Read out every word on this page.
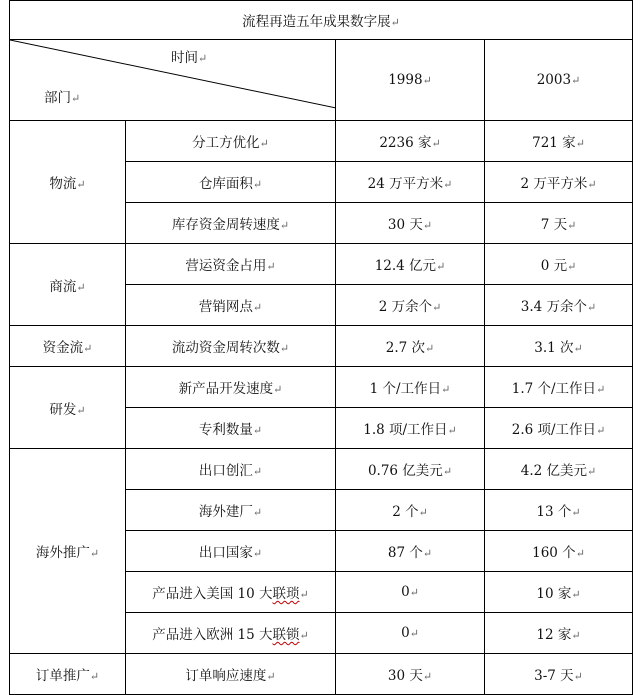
流程再造五年成果数字展↵			

时间↵
部门↵		1998↵	2003↵
物流↵	分工方优化↵	2236 家↵	721 家↵
	仓库面积↵	24 万平方米↵	2 万平方米↵
	库存资金周转速度↵	30 天↵	7 天↵
商流↵	营运资金占用↵	12.4 亿元↵	0 元↵
	营销网点↵	2 万余个↵	3.4 万余个↵
资金流↵	流动资金周转次数↵	2.7 次↵	3.1 次↵
研发↵	新产品开发速度↵	1 个/工作日↵	1.7 个/工作日↵
	专利数量↵	1.8 项/工作日↵	2.6 项/工作日↵
海外推广↵	出口创汇↵	0.76 亿美元↵	4.2 亿美元↵
	海外建厂↵	2 个↵	13 个↵
	出口国家↵	87 个↵	160 个↵
	产品进入美国 10 大联琐↵	0↵	10 家↵
	产品进入欧洲 15 大联锁↵	0↵	12 家↵
订单推广↵	订单响应速度↵	30 天↵	3-7 天↵
